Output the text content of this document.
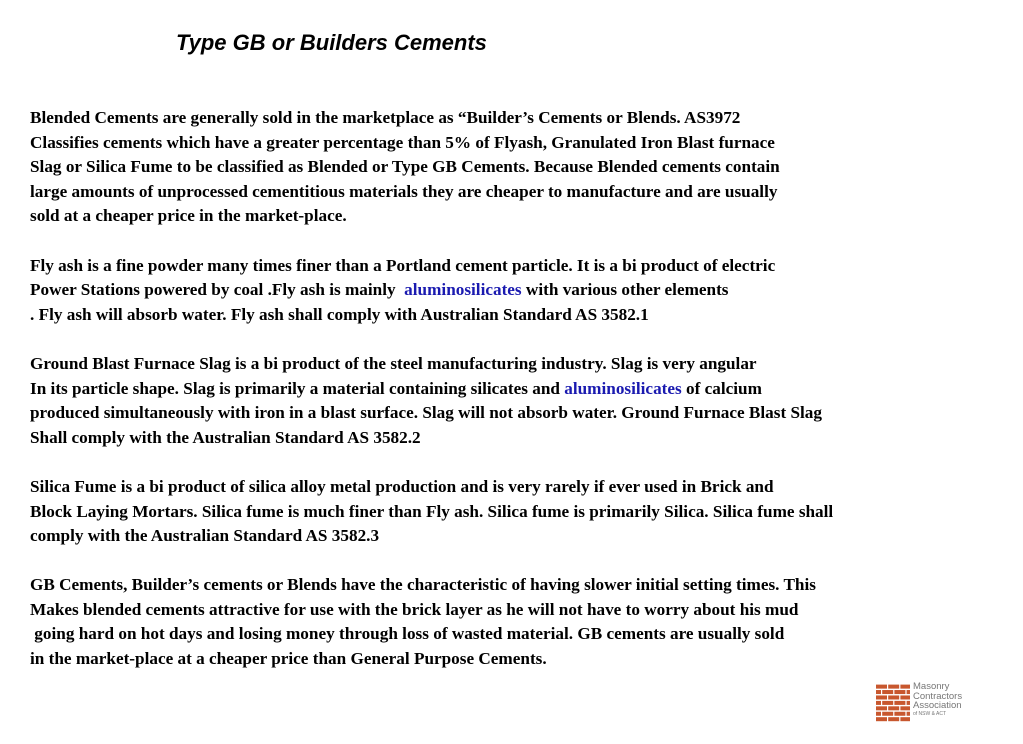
Type GB or Builders Cements
Blended Cements are generally sold in the marketplace as “Builder’s Cements or Blends. AS3972
Classifies cements which have a greater percentage than 5% of Flyash, Granulated Iron Blast furnace
Slag or Silica Fume to be classified as Blended or Type GB Cements. Because Blended cements contain
large amounts of unprocessed cementitious materials they are cheaper to manufacture and are usually
sold at a cheaper price in the market-place.
Fly ash is a fine powder many times finer than a Portland cement particle. It is a bi product of electric
Power Stations powered by coal .Fly ash is mainly  aluminosilicates with various other elements
. Fly ash will absorb water. Fly ash shall comply with Australian Standard AS 3582.1
Ground Blast Furnace Slag is a bi product of the steel manufacturing industry. Slag is very angular
In its particle shape. Slag is primarily a material containing silicates and aluminosilicates of calcium
produced simultaneously with iron in a blast surface. Slag will not absorb water. Ground Furnace Blast Slag
Shall comply with the Australian Standard AS 3582.2
Silica Fume is a bi product of silica alloy metal production and is very rarely if ever used in Brick and
Block Laying Mortars. Silica fume is much finer than Fly ash. Silica fume is primarily Silica. Silica fume shall
comply with the Australian Standard AS 3582.3
GB Cements, Builder’s cements or Blends have the characteristic of having slower initial setting times. This
Makes blended cements attractive for use with the brick layer as he will not have to worry about his mud
going hard on hot days and losing money through loss of wasted material. GB cements are usually sold
in the market-place at a cheaper price than General Purpose Cements.
Masonry
Contractors
Association
of NSW & ACT
